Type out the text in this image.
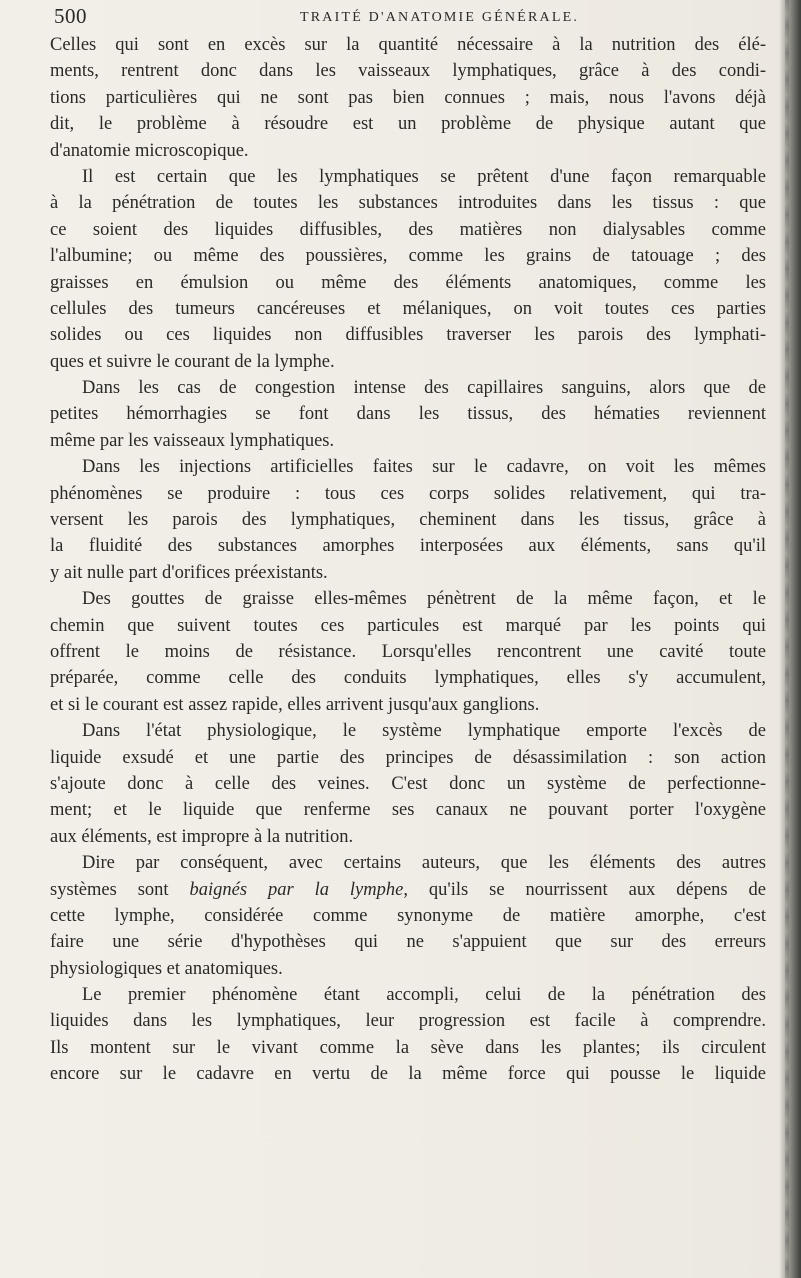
500	TRAITÉ D'ANATOMIE GÉNÉRALE.
Celles qui sont en excès sur la quantité nécessaire à la nutrition des élé-
ments, rentrent donc dans les vaisseaux lymphatiques, grâce à des condi-
tions particulières qui ne sont pas bien connues ; mais, nous l'avons déjà
dit, le problème à résoudre est un problème de physique autant que
d'anatomie microscopique.
Il est certain que les lymphatiques se prêtent d'une façon remarquable
à la pénétration de toutes les substances introduites dans les tissus : que
ce soient des liquides diffusibles, des matières non dialysables comme
l'albumine; ou même des poussières, comme les grains de tatouage ; des
graisses en émulsion ou même des éléments anatomiques, comme les
cellules des tumeurs cancéreuses et mélaniques, on voit toutes ces parties
solides ou ces liquides non diffusibles traverser les parois des lymphati-
ques et suivre le courant de la lymphe.
Dans les cas de congestion intense des capillaires sanguins, alors que de
petites hémorrhagies se font dans les tissus, des hématies reviennent
même par les vaisseaux lymphatiques.
Dans les injections artificielles faites sur le cadavre, on voit les mêmes
phénomènes se produire : tous ces corps solides relativement, qui tra-
versent les parois des lymphatiques, cheminent dans les tissus, grâce à
la fluidité des substances amorphes interposées aux éléments, sans qu'il
y ait nulle part d'orifices préexistants.
Des gouttes de graisse elles-mêmes pénètrent de la même façon, et le
chemin que suivent toutes ces particules est marqué par les points qui
offrent le moins de résistance. Lorsqu'elles rencontrent une cavité toute
préparée, comme celle des conduits lymphatiques, elles s'y accumulent,
et si le courant est assez rapide, elles arrivent jusqu'aux ganglions.
Dans l'état physiologique, le système lymphatique emporte l'excès de
liquide exsudé et une partie des principes de désassimilation : son action
s'ajoute donc à celle des veines. C'est donc un système de perfectionne-
ment; et le liquide que renferme ses canaux ne pouvant porter l'oxygène
aux éléments, est impropre à la nutrition.
Dire par conséquent, avec certains auteurs, que les éléments des autres
systèmes sont baignés par la lymphe, qu'ils se nourrissent aux dépens de
cette lymphe, considérée comme synonyme de matière amorphe, c'est
faire une série d'hypothèses qui ne s'appuient que sur des erreurs
physiologiques et anatomiques.
Le premier phénomène étant accompli, celui de la pénétration des
liquides dans les lymphatiques, leur progression est facile à comprendre.
Ils montent sur le vivant comme la sève dans les plantes; ils circulent
encore sur le cadavre en vertu de la même force qui pousse le liquide
